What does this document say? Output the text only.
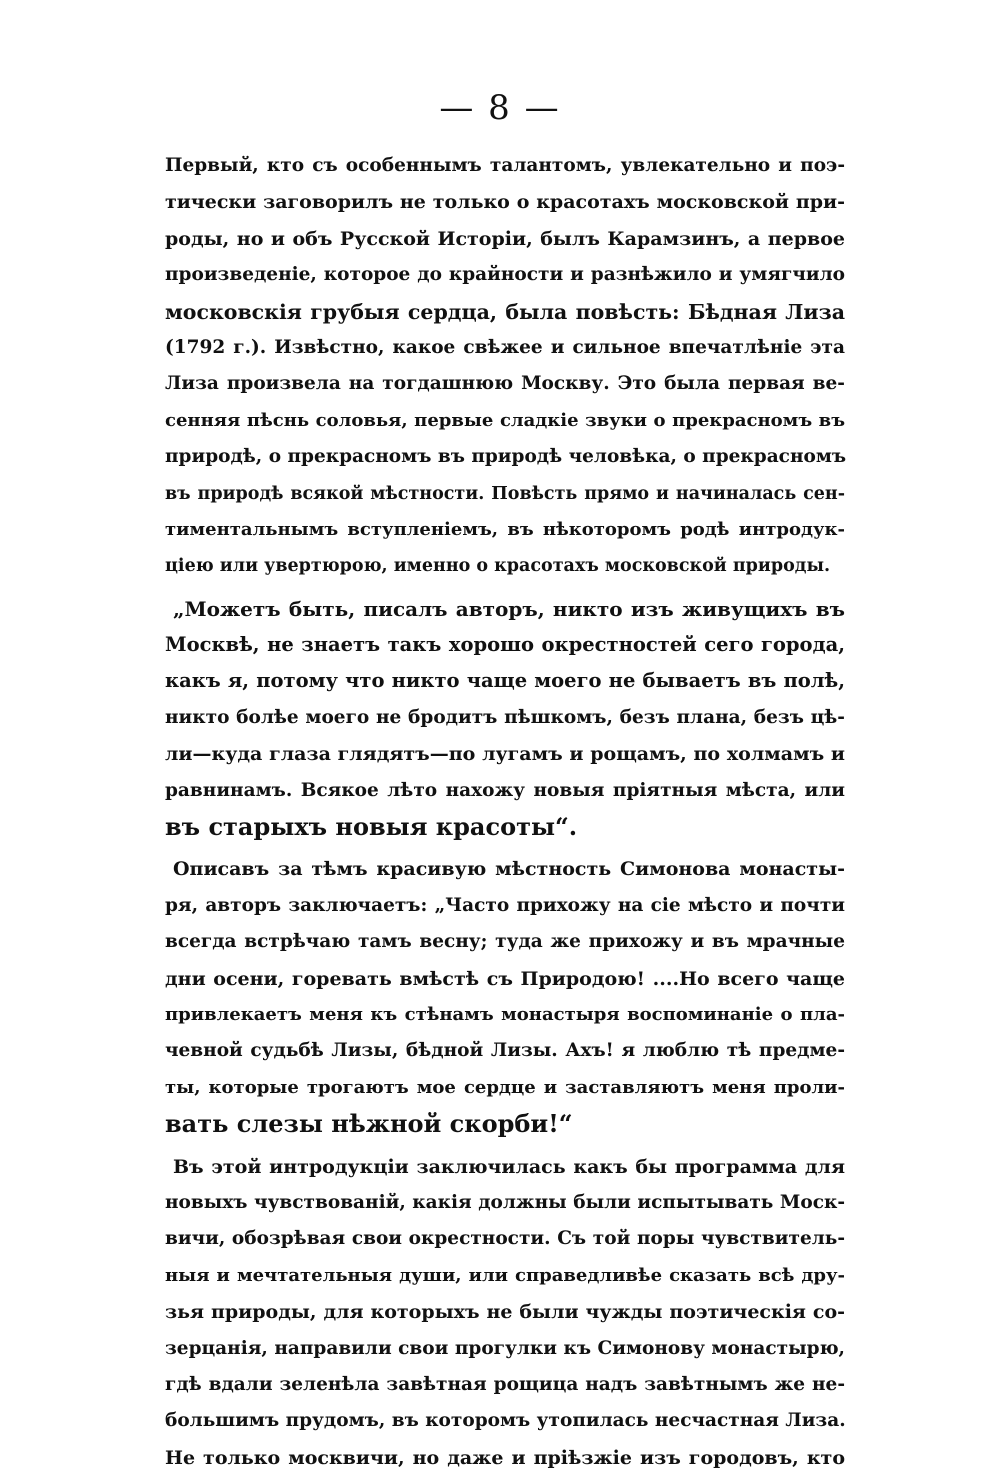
— 8 —
Первый, кто съ особеннымъ талантомъ, увлекательно и поэ-
тически заговорилъ не только о красотахъ московской при-
роды, но и объ Русской Исторіи, былъ Карамзинъ, а первое
произведеніе, которое до крайности и разнѣжило и умягчило
московскія грубыя сердца, была повѣсть: Бѣдная Лиза
(1792 г.). Извѣстно, какое свѣжее и сильное впечатлѣніе эта
Лиза произвела на тогдашнюю Москву. Это была первая ве-
сенняя пѣснь соловья, первые сладкіе звуки о прекрасномъ въ
природѣ, о прекрасномъ въ природѣ человѣка, о прекрасномъ
въ природѣ всякой мѣстности. Повѣсть прямо и начиналась сен-
тиментальнымъ вступленіемъ, въ нѣкоторомъ родѣ интродук-
ціею или увертюрою, именно о красотахъ московской природы.
„Можетъ быть, писалъ авторъ, никто изъ живущихъ въ
Москвѣ, не знаетъ такъ хорошо окрестностей сего города,
какъ я, потому что никто чаще моего не бываетъ въ полѣ,
никто болѣе моего не бродитъ пѣшкомъ, безъ плана, безъ цѣ-
ли—куда глаза глядятъ—по лугамъ и рощамъ, по холмамъ и
равнинамъ. Всякое лѣто нахожу новыя пріятныя мѣста, или
въ старыхъ новыя красоты“.
Описавъ за тѣмъ красивую мѣстность Симонова монасты-
ря, авторъ заключаетъ: „Часто прихожу на сіе мѣсто и почти
всегда встрѣчаю тамъ весну; туда же прихожу и въ мрачные
дни осени, горевать вмѣстѣ съ Природою! ....Но всего чаще
привлекаетъ меня къ стѣнамъ монастыря воспоминаніе о пла-
чевной судьбѣ Лизы, бѣдной Лизы. Ахъ! я люблю тѣ предме-
ты, которые трогаютъ мое сердце и заставляютъ меня проли-
вать слезы нѣжной скорби!“
Въ этой интродукціи заключилась какъ бы программа для
новыхъ чувствованій, какія должны были испытывать Моск-
вичи, обозрѣвая свои окрестности. Съ той поры чувствитель-
ныя и мечтательныя души, или справедливѣе сказать всѣ дру-
зья природы, для которыхъ не были чужды поэтическія со-
зерцанія, направили свои прогулки къ Симонову монастырю,
гдѣ вдали зеленѣла завѣтная рощица надъ завѣтнымъ же не-
большимъ прудомъ, въ которомъ утопилась несчастная Лиза.
Не только москвичи, но даже и пріѣзжіе изъ городовъ, кто
